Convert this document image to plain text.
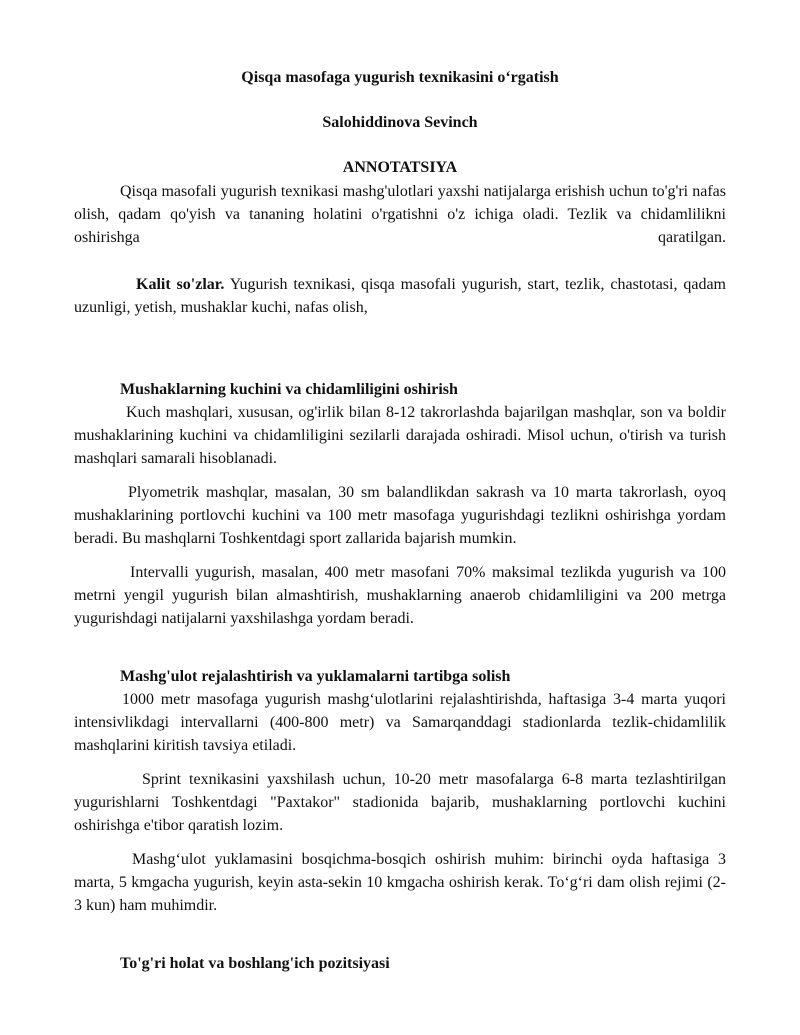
Qisqa masofaga yugurish texnikasini o‘rgatish

Salohiddinova Sevinch

ANNOTATSIYA

Qisqa masofali yugurish texnikasi mashg'ulotlari yaxshi natijalarga erishish uchun to'g'ri nafas olish, qadam qo'yish va tananing holatini o'rgatishni o'z ichiga oladi. Tezlik va chidamlilikni oshirishga qaratilgan.

Kalit so'zlar. Yugurish texnikasi, qisqa masofali yugurish, start, tezlik, chastotasi, qadam uzunligi, yetish, mushaklar kuchi, nafas olish,

Mushaklarning kuchini va chidamliligini oshirish

Kuch mashqlari, xususan, og'irlik bilan 8-12 takrorlashda bajarilgan mashqlar, son va boldir mushaklarining kuchini va chidamliligini sezilarli darajada oshiradi. Misol uchun, o'tirish va turish mashqlari samarali hisoblanadi.

Plyometrik mashqlar, masalan, 30 sm balandlikdan sakrash va 10 marta takrorlash, oyoq mushaklarining portlovchi kuchini va 100 metr masofaga yugurishdagi tezlikni oshirishga yordam beradi. Bu mashqlarni Toshkentdagi sport zallarida bajarish mumkin.

Intervalli yugurish, masalan, 400 metr masofani 70% maksimal tezlikda yugurish va 100 metrni yengil yugurish bilan almashtirish, mushaklarning anaerob chidamliligini va 200 metrga yugurishdagi natijalarni yaxshilashga yordam beradi.

Mashg'ulot rejalashtirish va yuklamalarni tartibga solish

1000 metr masofaga yugurish mashg‘ulotlarini rejalashtirishda, haftasiga 3-4 marta yuqori intensivlikdagi intervallarni (400-800 metr) va Samarqanddagi stadionlarda tezlik-chidamlilik mashqlarini kiritish tavsiya etiladi.

Sprint texnikasini yaxshilash uchun, 10-20 metr masofalarga 6-8 marta tezlashtirilgan yugurishlarni Toshkentdagi "Paxtakor" stadionida bajarib, mushaklarning portlovchi kuchini oshirishga e'tibor qaratish lozim.

Mashg‘ulot yuklamasini bosqichma-bosqich oshirish muhim: birinchi oyda haftasiga 3 marta, 5 kmgacha yugurish, keyin asta-sekin 10 kmgacha oshirish kerak. To‘g‘ri dam olish rejimi (2-3 kun) ham muhimdir.

To'g'ri holat va boshlang'ich pozitsiyasi
